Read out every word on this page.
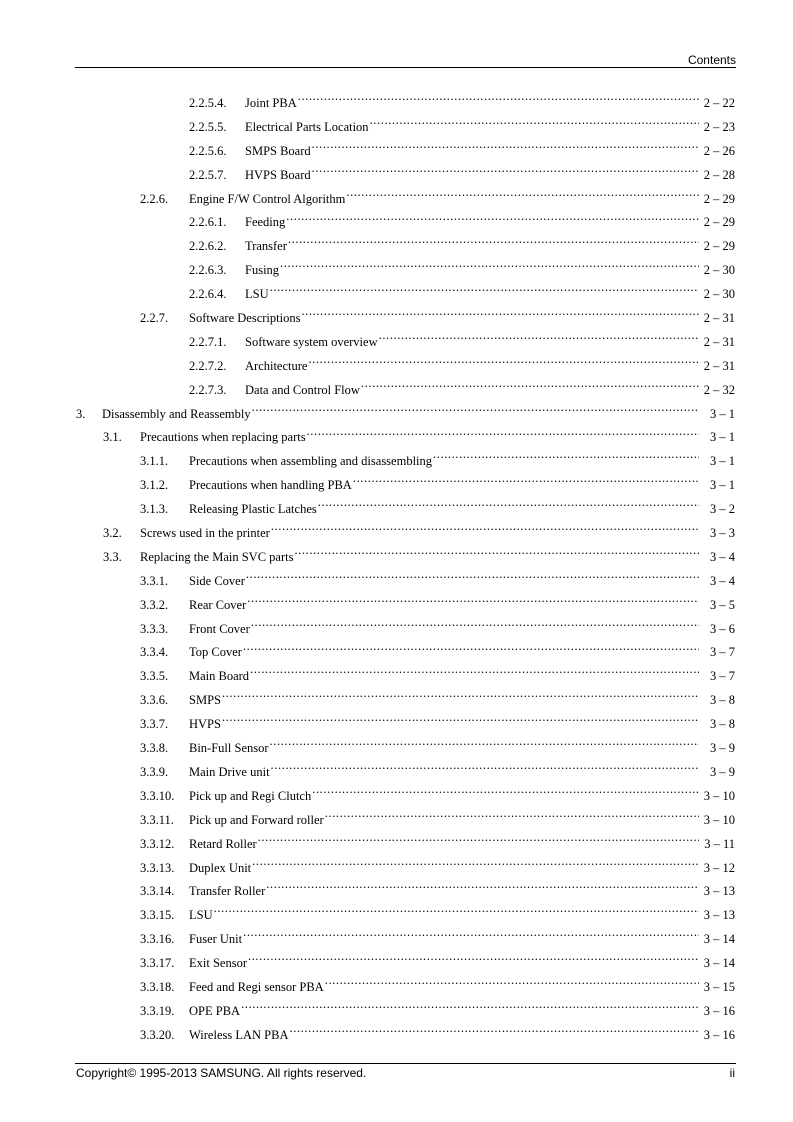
Contents
2.2.5.4. Joint PBA .....	2 – 22
2.2.5.5. Electrical Parts Location .....	2 – 23
2.2.5.6. SMPS Board .....	2 – 26
2.2.5.7. HVPS Board .....	2 – 28
2.2.6. Engine F/W Control Algorithm .....	2 – 29
2.2.6.1. Feeding .....	2 – 29
2.2.6.2. Transfer .....	2 – 29
2.2.6.3. Fusing .....	2 – 30
2.2.6.4. LSU .....	2 – 30
2.2.7. Software Descriptions .....	2 – 31
2.2.7.1. Software system overview .....	2 – 31
2.2.7.2. Architecture .....	2 – 31
2.2.7.3. Data and Control Flow .....	2 – 32
3. Disassembly and Reassembly .....	3 – 1
3.1. Precautions when replacing parts .....	3 – 1
3.1.1. Precautions when assembling and disassembling .....	3 – 1
3.1.2. Precautions when handling PBA .....	3 – 1
3.1.3. Releasing Plastic Latches .....	3 – 2
3.2. Screws used in the printer .....	3 – 3
3.3. Replacing the Main SVC parts .....	3 – 4
3.3.1. Side Cover .....	3 – 4
3.3.2. Rear Cover .....	3 – 5
3.3.3. Front Cover .....	3 – 6
3.3.4. Top Cover .....	3 – 7
3.3.5. Main Board .....	3 – 7
3.3.6. SMPS .....	3 – 8
3.3.7. HVPS .....	3 – 8
3.3.8. Bin-Full Sensor .....	3 – 9
3.3.9. Main Drive unit .....	3 – 9
3.3.10. Pick up and Regi Clutch .....	3 – 10
3.3.11. Pick up and Forward roller .....	3 – 10
3.3.12. Retard Roller .....	3 – 11
3.3.13. Duplex Unit .....	3 – 12
3.3.14. Transfer Roller .....	3 – 13
3.3.15. LSU .....	3 – 13
3.3.16. Fuser Unit .....	3 – 14
3.3.17. Exit Sensor .....	3 – 14
3.3.18. Feed and Regi sensor PBA .....	3 – 15
3.3.19. OPE PBA .....	3 – 16
3.3.20. Wireless LAN PBA .....	3 – 16
Copyright© 1995-2013 SAMSUNG. All rights reserved.	ii
